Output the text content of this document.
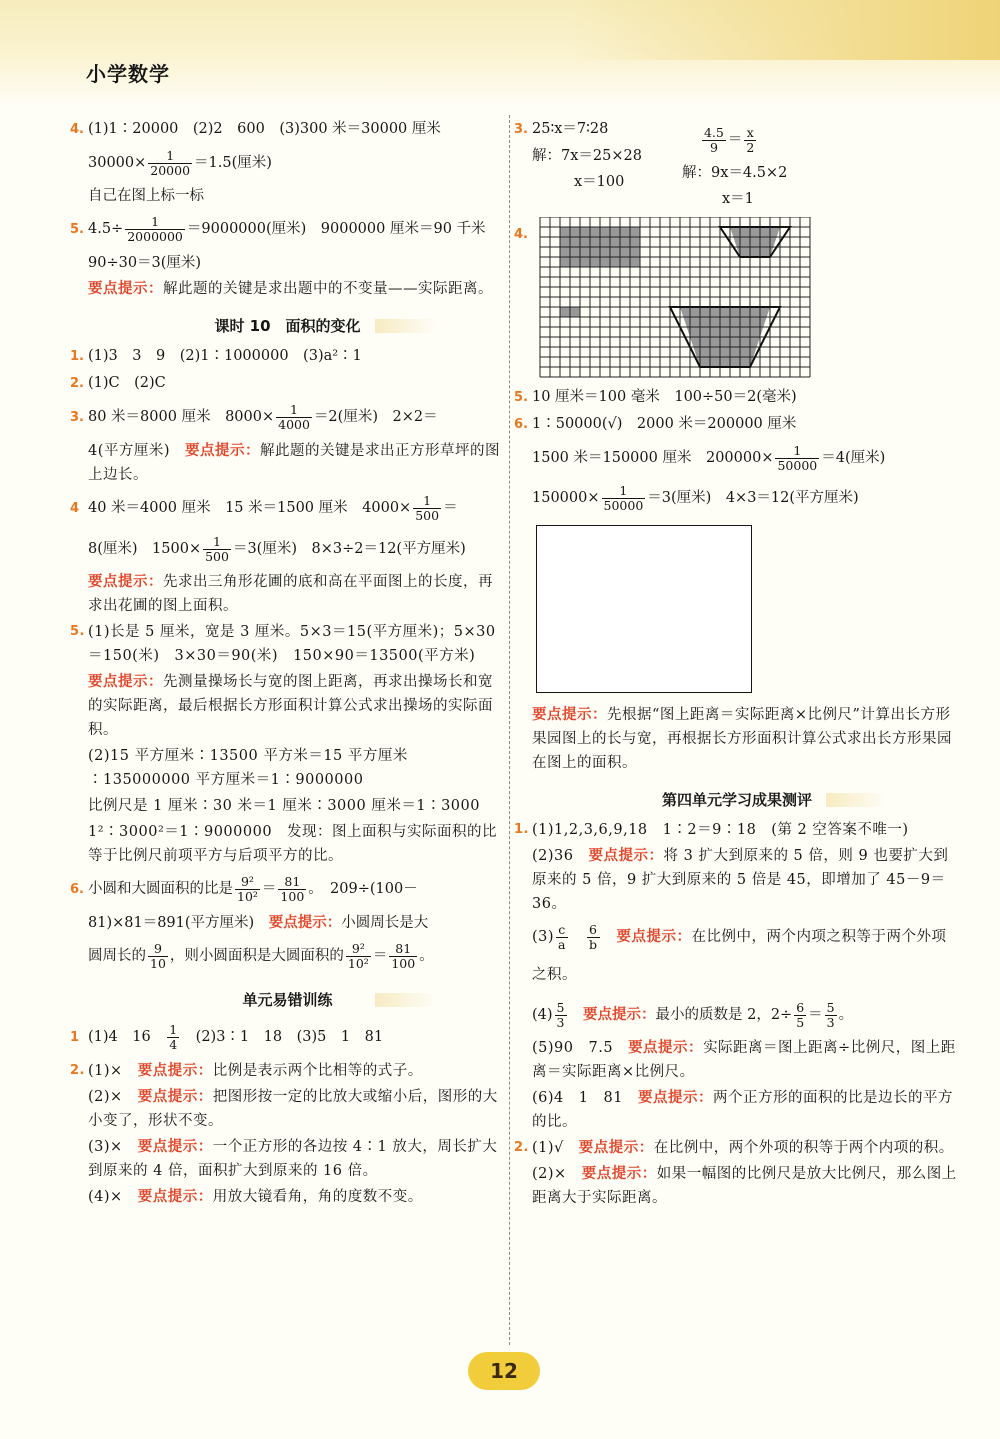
小学数学
4. (1)1∶20000　(2)2　600　(3)300 米＝30000 厘米
$30000\times \frac{1}{20000} =1.5$(厘米)
自己在图上标一标
5. $4.5\div \frac{1}{2000000} =9000000$(厘米)　9000000 厘米＝90 千米
90÷30＝3(厘米)
要点提示：解此题的关键是求出题中的不变量——实际距离。
课时 10　面积的变化
1. (1)3　3　9　(2)1∶1000000　(3)a²∶1
2. (1)C　(2)C
3. 80 米＝8000 厘米　$8000\times \frac{1}{4000} =2$(厘米)　2×2＝
4(平方厘米)　 要点提示：解此题的关键是求出正方形草坪的图上边长。
4 40 米＝4000 厘米　15 米＝1500 厘米　$4000\times \frac{1}{500}$ ＝
8(厘米)　$1500\times \frac{1}{500} =3$(厘米)　8×3÷2＝12(平方厘米)
要点提示：先求出三角形花圃的底和高在平面图上的长度，再求出花圃的图上面积。
5. (1)长是 5 厘米，宽是 3 厘米。5×3＝15(平方厘米)；5×30＝150(米)　3×30＝90(米)　150×90＝13500(平方米)
要点提示：先测量操场长与宽的图上距离，再求出操场长和宽的实际距离，最后根据长方形面积计算公式求出操场的实际面积。
(2)15 平方厘米∶13500 平方米＝15 平方厘米∶135000000 平方厘米＝1∶9000000
比例尺是 1 厘米∶30 米＝1 厘米∶3000 厘米＝1∶3000
1²∶3000²＝1∶9000000　发现：图上面积与实际面积的比等于比例尺前项平方与后项平方的比。
6. 小圆和大圆面积的比是 $\frac{\text{9²}}{\text{10²}} = \frac{81}{100}$ 。　209÷(100－
81)×81＝891(平方厘米)　 要点提示：小圆周长是大
圆周长的 $\frac{9}{10}$ ，则小圆面积是大圆面积的 $\frac{\text{9²}}{\text{10²}} = \frac{81}{100}$ 。
单元易错训练
1 (1)4　16　 $\frac{1}{4}$
　 (2)3∶1　18　(3)5　1　81
2. (1)×　 要点提示：比例是表示两个比相等的式子。
(2)×　 要点提示：把图形按一定的比放大或缩小后，图形的大小变了，形状不变。
(3)×　 要点提示：一个正方形的各边按 4∶1 放大，周长扩大到原来的 4 倍，面积扩大到原来的 16 倍。
(4)×　 要点提示：用放大镜看角，角的度数不变。
3. 25∶x＝7∶28
解：7x＝25×28
x＝100
$\frac{4.5}{9} = \frac{x}{2}$
解：9x＝4.5×2
x＝1
4.
5. 10 厘米＝100 毫米　100÷50＝2(毫米)
6. 1∶50000(√)　2000 米＝200000 厘米
1500 米＝150000 厘米　$200000\times \frac{1}{50000} =4$(厘米)
$150000\times \frac{1}{50000} =3$(厘米)　4×3＝12(平方厘米)
要点提示：先根据“图上距离＝实际距离×比例尺”计算出长方形果园图上的长与宽，再根据长方形面积计算公式求出长方形果园在图上的面积。
第四单元学习成果测评
1. (1)1,2,3,6,9,18　1∶2＝9∶18　(第 2 空答案不唯一)
(2)36　 要点提示：将 3 扩大到原来的 5 倍，则 9 也要扩大到原来的 5 倍，9 扩大到原来的 5 倍是 45，即增加了 45－9＝36。
$(3) \frac{c}{a}$
　 $\frac{6}{b}$
　 要点提示：在比例中，两个内项之积等于两个外项之积。
$(4) \frac{5}{3}$
　 要点提示：最小的质数是 2，$2\div \frac{6}{5} = \frac{5}{3}$ 。
(5)90　7.5　 要点提示：实际距离＝图上距离÷比例尺，图上距离＝实际距离×比例尺。
(6)4　1　81　 要点提示：两个正方形的面积的比是边长的平方的比。
2. (1)√　 要点提示：在比例中，两个外项的积等于两个内项的积。
(2)×　 要点提示：如果一幅图的比例尺是放大比例尺，那么图上距离大于实际距离。
12
